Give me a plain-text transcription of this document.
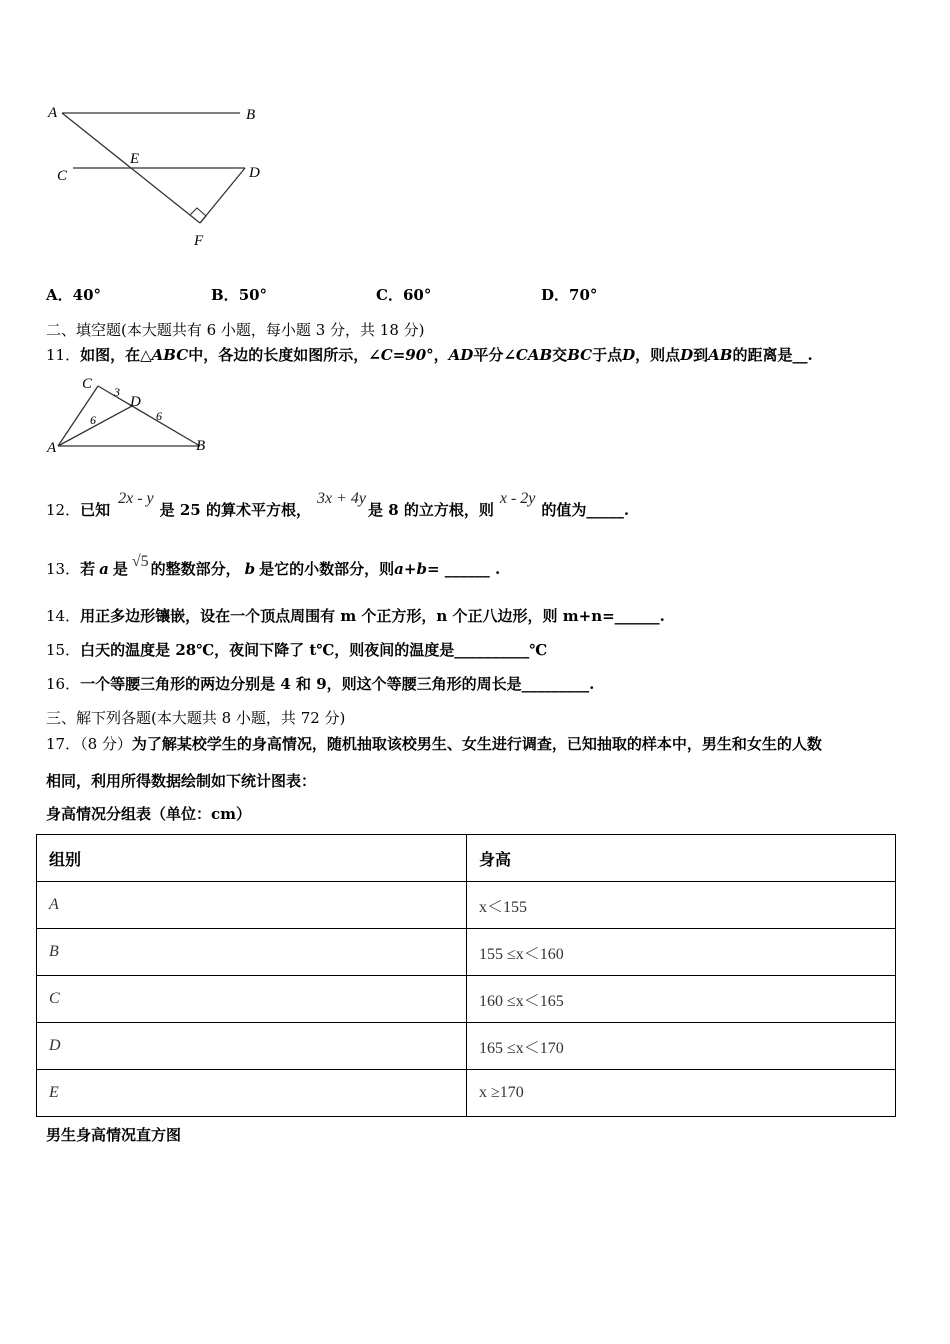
A	B
C	D
E
F
A．40°	B．50°	C．60°	D．70°
二、填空题(本大题共有 6 小题，每小题 3 分，共 18 分)
11．如图，在△ABC中，各边的长度如图所示，∠C=90°，AD平分∠CAB交BC于点D，则点D到AB的距离是__.
C
D
A	B
3
6	6
12．已知2x - y是 25 的算术平方根，3x + 4y是 8 的立方根，则x - 2y的值为_____.
13．若 a 是 √5 的整数部分， b 是它的小数部分，则a+b= ______ .
14．用正多边形镶嵌，设在一个顶点周围有 m 个正方形，n 个正八边形，则 m+n=______.
15．白天的温度是 28℃，夜间下降了 t℃，则夜间的温度是__________℃
16．一个等腰三角形的两边分别是 4 和 9，则这个等腰三角形的周长是_________.
三、解下列各题(本大题共 8 小题，共 72 分)
17．（8 分）为了解某校学生的身高情况，随机抽取该校男生、女生进行调查，已知抽取的样本中，男生和女生的人数
相同，利用所得数据绘制如下统计图表：
身高情况分组表（单位：cm）
组别	身高
A	x＜155
B	155 ≤x＜160
C	160 ≤x＜165
D	165 ≤x＜170
E	x ≥170
男生身高情况直方图
